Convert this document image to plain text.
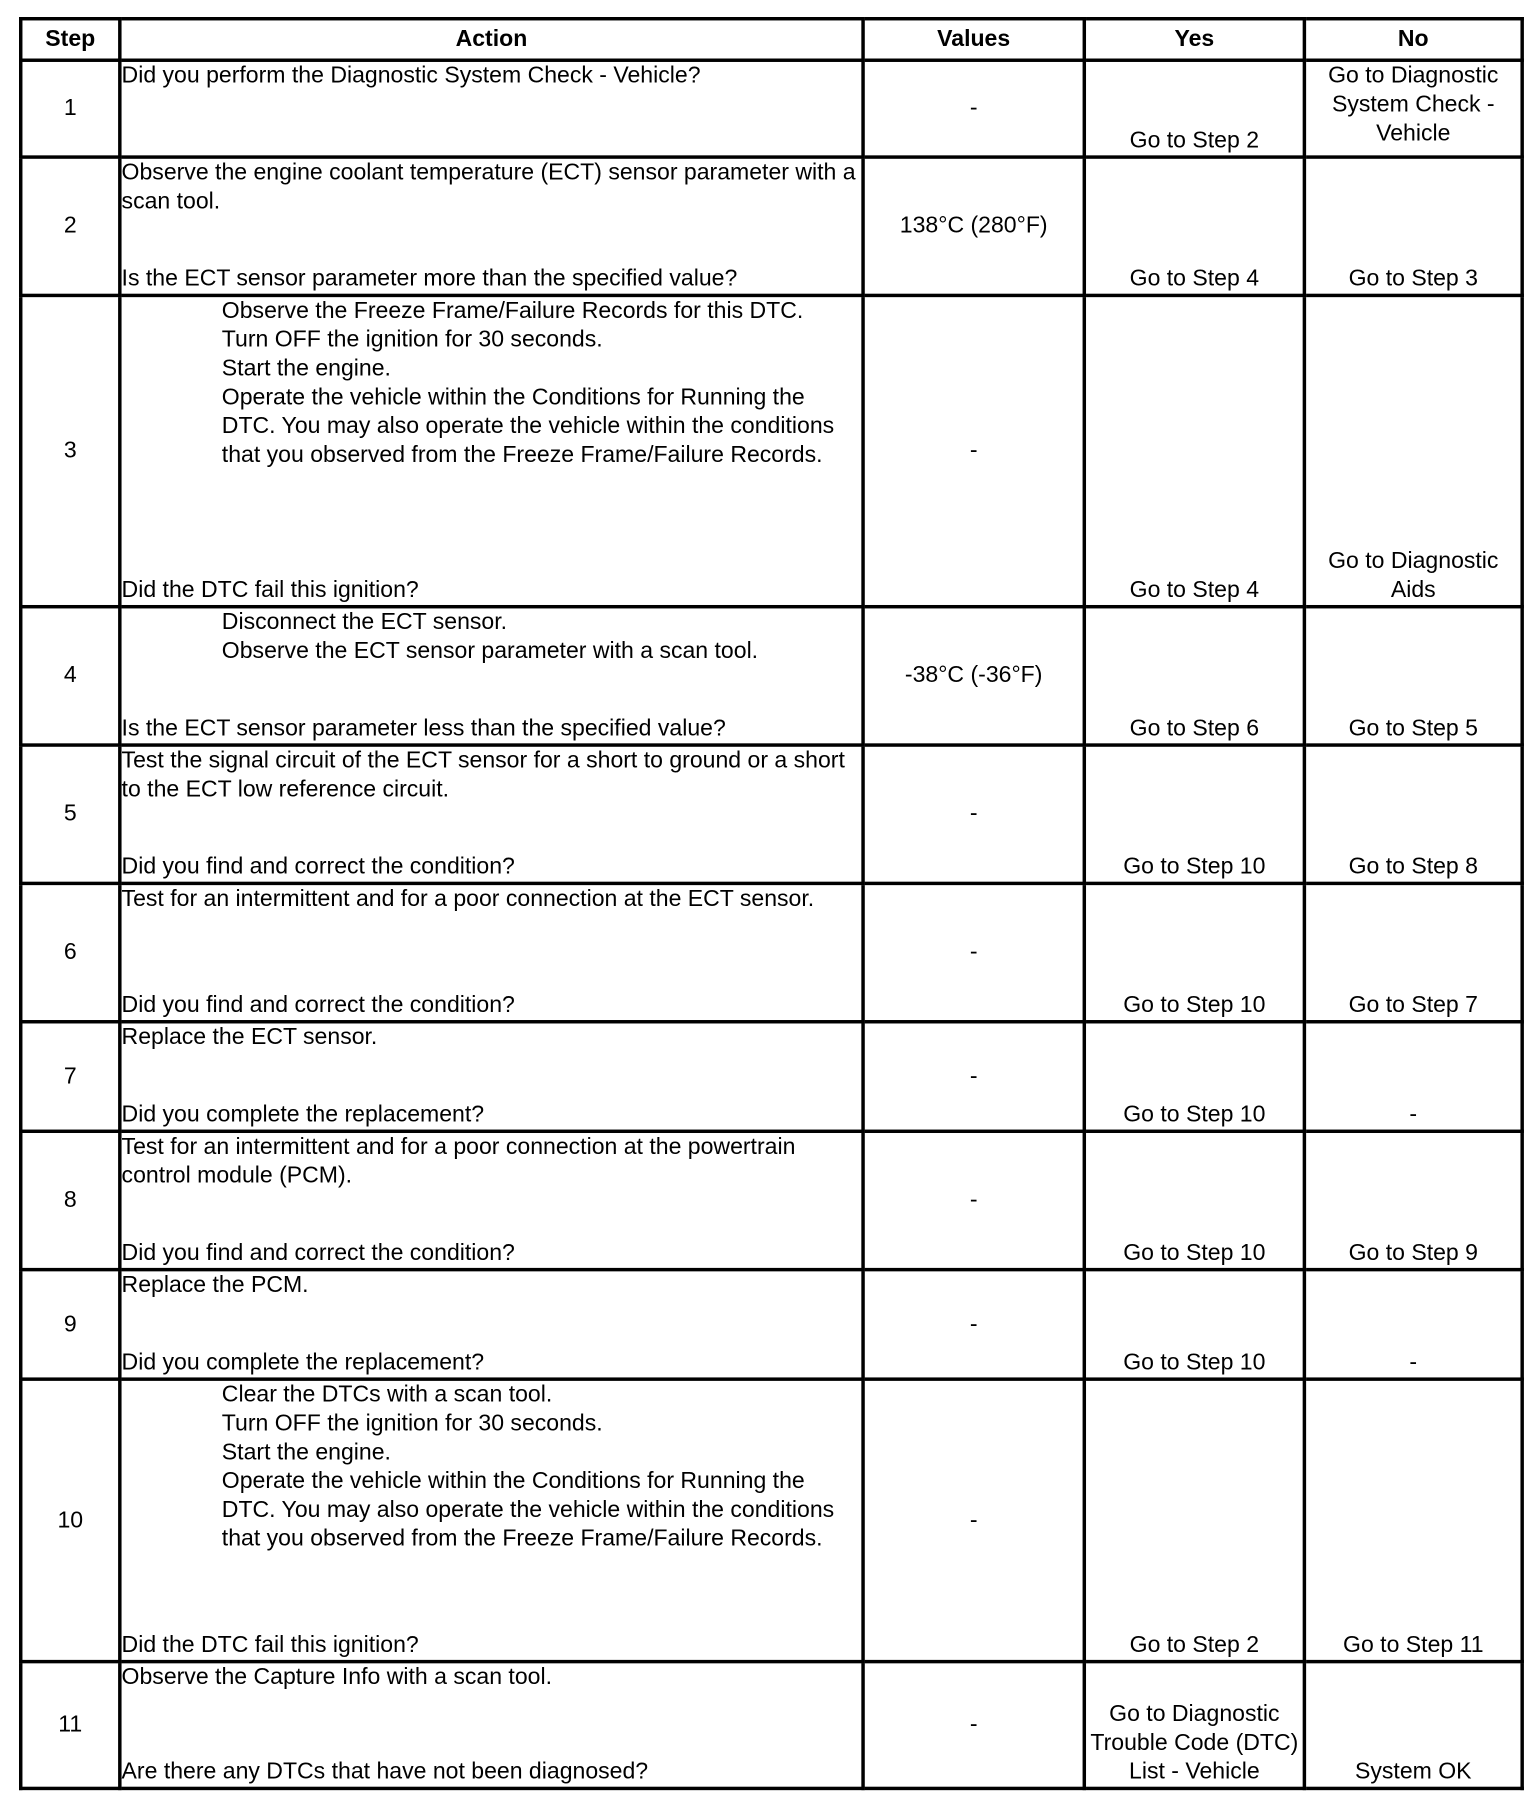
Step	Action	Values	Yes	No
1	Did you perform the Diagnostic System Check - Vehicle?	-	Go to Step 2	Go to Diagnostic System Check - Vehicle
2	Observe the engine coolant temperature (ECT) sensor parameter with a scan tool.
Is the ECT sensor parameter more than the specified value?	138°C (280°F)	Go to Step 4	Go to Step 3
3	Observe the Freeze Frame/Failure Records for this DTC.
Turn OFF the ignition for 30 seconds.
Start the engine.
Operate the vehicle within the Conditions for Running the DTC. You may also operate the vehicle within the conditions that you observed from the Freeze Frame/Failure Records.
Did the DTC fail this ignition?	-	Go to Step 4	Go to Diagnostic Aids
4	Disconnect the ECT sensor.
Observe the ECT sensor parameter with a scan tool.
Is the ECT sensor parameter less than the specified value?	-38°C (-36°F)	Go to Step 6	Go to Step 5
5	Test the signal circuit of the ECT sensor for a short to ground or a short to the ECT low reference circuit.
Did you find and correct the condition?	-	Go to Step 10	Go to Step 8
6	Test for an intermittent and for a poor connection at the ECT sensor.
Did you find and correct the condition?	-	Go to Step 10	Go to Step 7
7	Replace the ECT sensor.
Did you complete the replacement?	-	Go to Step 10	-
8	Test for an intermittent and for a poor connection at the powertrain control module (PCM).
Did you find and correct the condition?	-	Go to Step 10	Go to Step 9
9	Replace the PCM.
Did you complete the replacement?	-	Go to Step 10	-
10	Clear the DTCs with a scan tool.
Turn OFF the ignition for 30 seconds.
Start the engine.
Operate the vehicle within the Conditions for Running the DTC. You may also operate the vehicle within the conditions that you observed from the Freeze Frame/Failure Records.
Did the DTC fail this ignition?	-	Go to Step 2	Go to Step 11
11	Observe the Capture Info with a scan tool.
Are there any DTCs that have not been diagnosed?	-	Go to Diagnostic Trouble Code (DTC) List - Vehicle	System OK
